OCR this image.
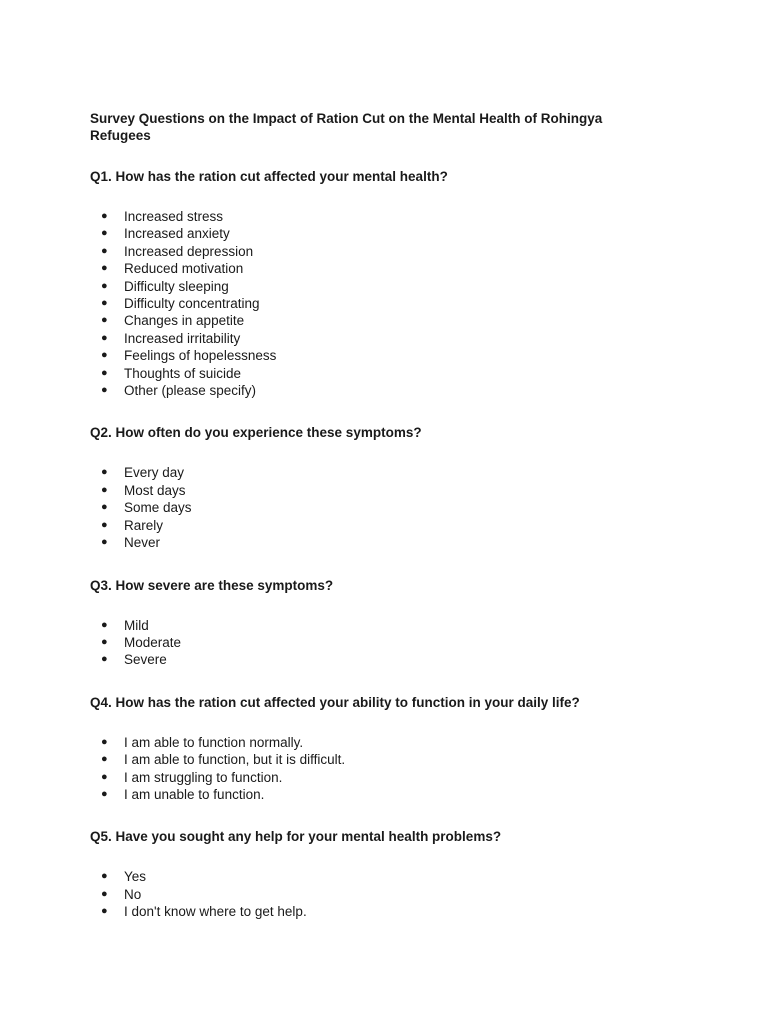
Survey Questions on the Impact of Ration Cut on the Mental Health of Rohingya Refugees
Q1. How has the ration cut affected your mental health?
● Increased stress
● Increased anxiety
● Increased depression
● Reduced motivation
● Difficulty sleeping
● Difficulty concentrating
● Changes in appetite
● Increased irritability
● Feelings of hopelessness
● Thoughts of suicide
● Other (please specify)
Q2. How often do you experience these symptoms?
● Every day
● Most days
● Some days
● Rarely
● Never
Q3. How severe are these symptoms?
● Mild
● Moderate
● Severe
Q4. How has the ration cut affected your ability to function in your daily life?
● I am able to function normally.
● I am able to function, but it is difficult.
● I am struggling to function.
● I am unable to function.
Q5. Have you sought any help for your mental health problems?
● Yes
● No
● I don't know where to get help.
